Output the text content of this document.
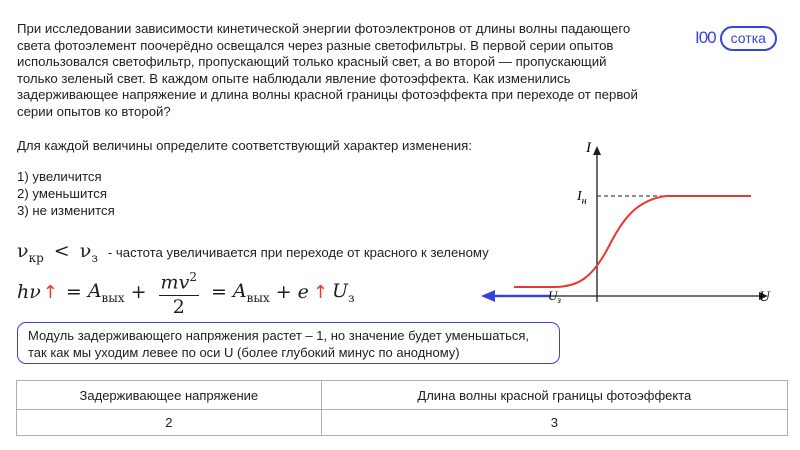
При исследовании зависимости кинетической энергии фотоэлектронов от длины волны падающего
света фотоэлемент поочерёдно освещался через разные светофильтры. В первой серии опытов
использовался светофильтр, пропускающий только красный свет, а во второй — пропускающий
только зеленый свет. В каждом опыте наблюдали явление фотоэффекта. Как изменились
задерживающее напряжение и длина волны красной границы фотоэффекта при переходе от первой
серии опытов ко второй?
I00	сотка
Для каждой величины определите соответствующий характер изменения:
1) увеличится
2) уменьшится
3) не изменится
$\nu_{кр} < \nu_з$ - частота увеличивается при переходе от красного к зеленому
hν ↑ = $A_{вых} + \frac{mv^2}{2} = A_{вых} + e$ ↑ $U_з$
Модуль задерживающего напряжения растет – 1, но значение будет уменьшаться,
так как мы уходим левее по оси U (более глубокий минус по анодному)
I
$I_н$
U
$U_з$
Задерживающее напряжение	Длина волны красной границы фотоэффекта
2	3
